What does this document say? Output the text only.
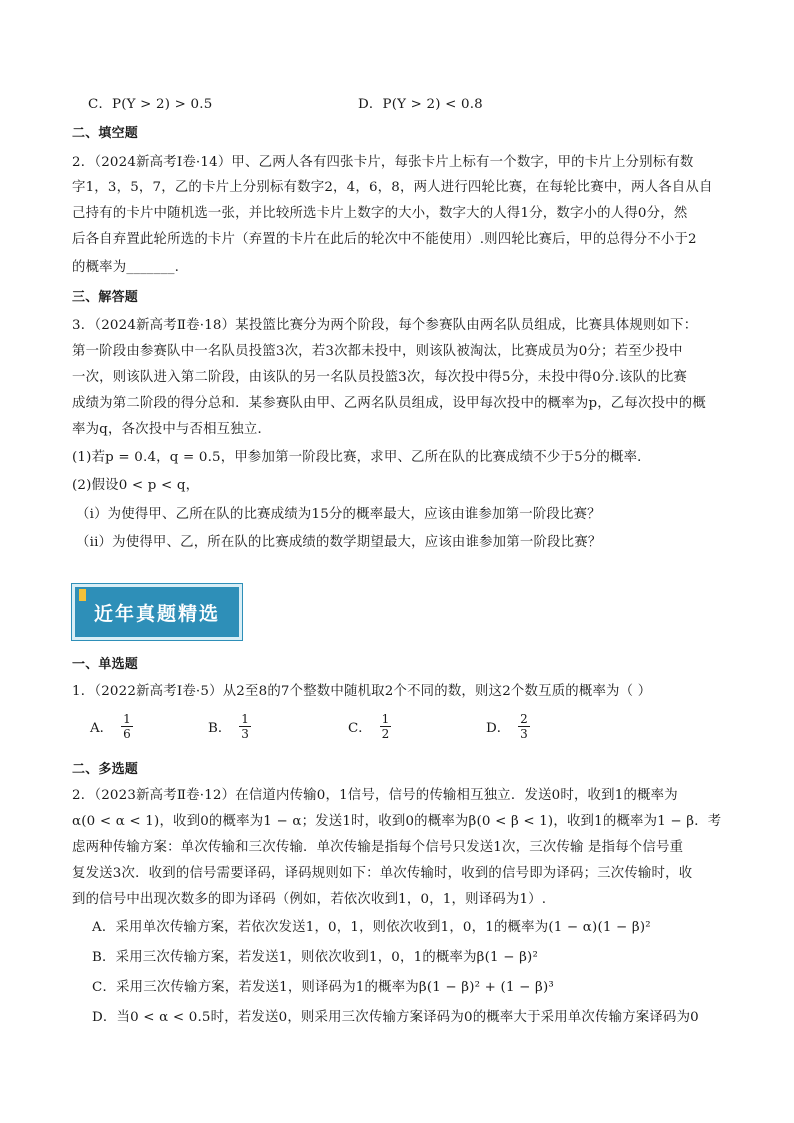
C．P(Y > 2) > 0.5	D．P(Y > 2) < 0.8
二、填空题
2．（2024新高考Ⅰ卷·14）甲、乙两人各有四张卡片，每张卡片上标有一个数字，甲的卡片上分别标有数
字1，3，5，7，乙的卡片上分别标有数字2，4，6，8，两人进行四轮比赛，在每轮比赛中，两人各自从自
己持有的卡片中随机选一张，并比较所选卡片上数字的大小，数字大的人得1分，数字小的人得0分，然
后各自弃置此轮所选的卡片（弃置的卡片在此后的轮次中不能使用）.则四轮比赛后，甲的总得分不小于2
的概率为_______.
三、解答题
3．（2024新高考Ⅱ卷·18）某投篮比赛分为两个阶段，每个参赛队由两名队员组成，比赛具体规则如下：
第一阶段由参赛队中一名队员投篮3次，若3次都未投中，则该队被淘汰，比赛成员为0分；若至少投中
一次，则该队进入第二阶段，由该队的另一名队员投篮3次，每次投中得5分，未投中得0分.该队的比赛
成绩为第二阶段的得分总和．某参赛队由甲、乙两名队员组成，设甲每次投中的概率为p，乙每次投中的概
率为q，各次投中与否相互独立．
(1)若p = 0.4，q = 0.5，甲参加第一阶段比赛，求甲、乙所在队的比赛成绩不少于5分的概率．
(2)假设0 < p < q，
（i）为使得甲、乙所在队的比赛成绩为15分的概率最大，应该由谁参加第一阶段比赛？
（ii）为使得甲、乙，所在队的比赛成绩的数学期望最大，应该由谁参加第一阶段比赛？
近年真题精选
一、单选题
1．（2022新高考Ⅰ卷·5）从2至8的7个整数中随机取2个不同的数，则这2个数互质的概率为（ ）
A． $\frac{1}{6}$	B． $\frac{1}{3}$	C． $\frac{1}{2}$	D． $\frac{2}{3}$
二、多选题
2．（2023新高考Ⅱ卷·12）在信道内传输0，1信号，信号的传输相互独立．发送0时，收到1的概率为
α(0 < α < 1)，收到0的概率为1 − α；发送1时，收到0的概率为β(0 < β < 1)，收到1的概率为1 − β．考
虑两种传输方案：单次传输和三次传输．单次传输是指每个信号只发送1次，三次传输 是指每个信号重
复发送3次．收到的信号需要译码，译码规则如下：单次传输时，收到的信号即为译码；三次传输时，收
到的信号中出现次数多的即为译码（例如，若依次收到1，0，1，则译码为1）.
A．采用单次传输方案，若依次发送1，0，1，则依次收到1，0，1的概率为(1 − α)(1 − β)²
B．采用三次传输方案，若发送1，则依次收到1，0，1的概率为β(1 − β)²
C．采用三次传输方案，若发送1，则译码为1的概率为β(1 − β)² + (1 − β)³
D．当0 < α < 0.5时，若发送0，则采用三次传输方案译码为0的概率大于采用单次传输方案译码为0
